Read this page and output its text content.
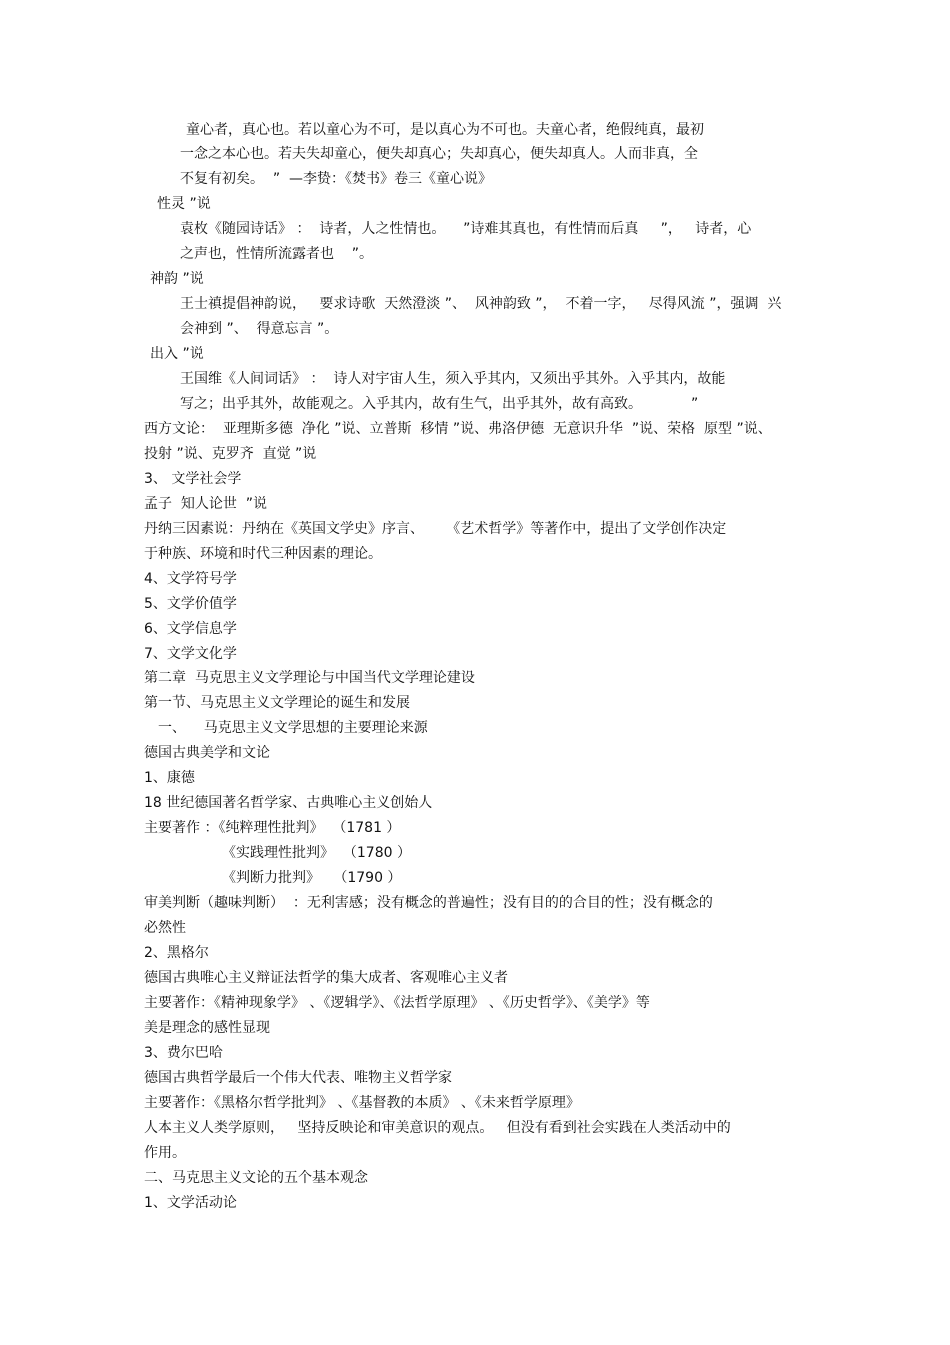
童心者，真心也。若以童心为不可，是以真心为不可也。夫童心者，绝假纯真，最初
一念之本心也。若夫失却童心，便失却真心；失却真心，便失却真人。人而非真，全
不复有初矣。  ”  —李贽：《焚书》卷三《童心说》
性灵 ”说
袁枚《随园诗话》 ：  诗者，人之性情也。    ”诗难其真也，有性情而后真     ”，   诗者，心
之声也，性情所流露者也    ”。
神韵 ”说
王士禛提倡神韵说，   要求诗歌  天然澄淡 ”、  风神韵致 ”，  不着一字，   尽得风流 ”，强调  兴
会神到 ”、  得意忘言 ”。
出入 ”说
王国维《人间词话》 ：  诗人对宇宙人生，须入乎其内，又须出乎其外。入乎其内，故能
写之；出乎其外，故能观之。入乎其内，故有生气，出乎其外，故有高致。           ”
西方文论：  亚理斯多德  净化 ”说、立普斯  移情 ”说、弗洛伊德  无意识升华  ”说、荣格  原型 ”说、
投射 ”说、克罗齐  直觉 ”说
3、 文学社会学
孟子  知人论世  ”说
丹纳三因素说：丹纳在《英国文学史》序言、     《艺术哲学》等著作中，提出了文学创作决定
于种族、环境和时代三种因素的理论。
4、文学符号学
5、文学价值学
6、文学信息学
7、文学文化学
第二章  马克思主义文学理论与中国当代文学理论建设
第一节、马克思主义文学理论的诞生和发展
一、    马克思主义文学思想的主要理论来源
德国古典美学和文论
1、康德
18 世纪德国著名哲学家、古典唯心主义创始人
主要著作 ：《纯粹理性批判》  （1781 ）
《实践理性批判》  （1780 ）
《判断力批判》   （1790 ）
审美判断（趣味判断）  ：无利害感；没有概念的普遍性；没有目的的合目的性；没有概念的
必然性
2、黑格尔
德国古典唯心主义辩证法哲学的集大成者、客观唯心主义者
主要著作：《精神现象学》 、《逻辑学》、《法哲学原理》 、《历史哲学》、《美学》等
美是理念的感性显现
3、费尔巴哈
德国古典哲学最后一个伟大代表、唯物主义哲学家
主要著作：《黑格尔哲学批判》 、《基督教的本质》 、《未来哲学原理》
人本主义人类学原则，   坚持反映论和审美意识的观点。   但没有看到社会实践在人类活动中的
作用。
二、马克思主义文论的五个基本观念
1、文学活动论
